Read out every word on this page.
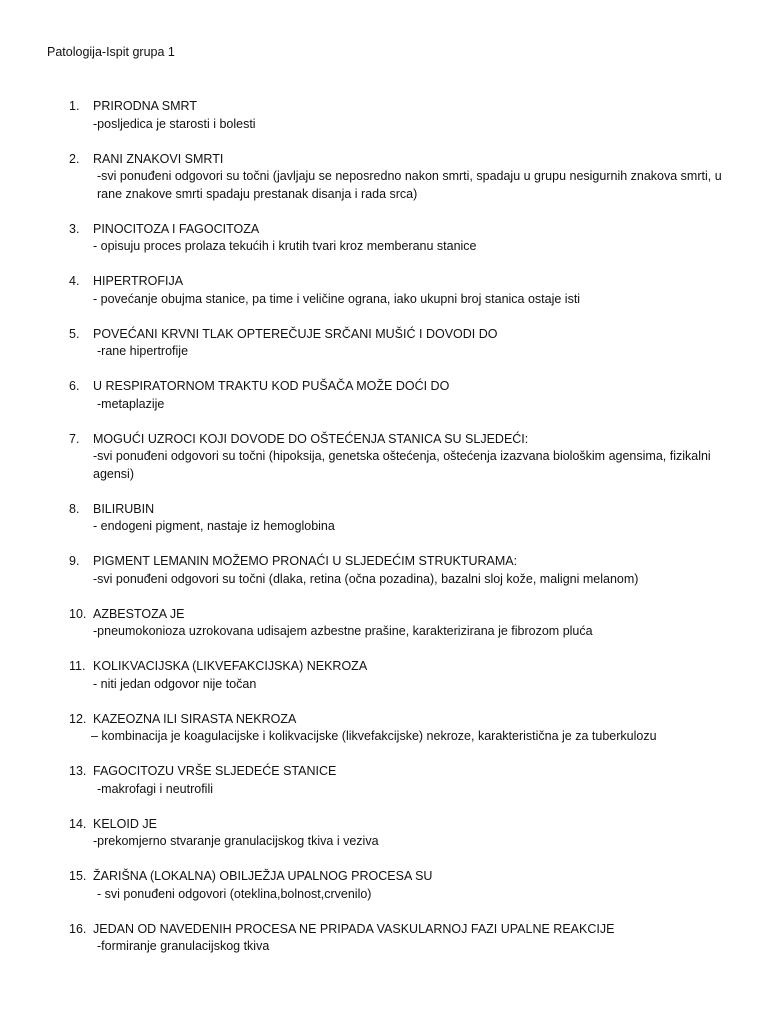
Patologija-Ispit grupa 1
1. PRIRODNA SMRT
-posljedica je starosti i bolesti
2. RANI ZNAKOVI SMRTI
-svi ponuđeni odgovori su točni (javljaju se neposredno nakon smrti, spadaju u grupu nesigurnih znakova smrti, u rane znakove smrti spadaju prestanak disanja i rada srca)
3. PINOCITOZA I FAGOCITOZA
- opisuju proces prolaza tekućih i krutih tvari kroz memberanu stanice
4. HIPERTROFIJA
- povećanje obujma stanice, pa time i veličine ograna, iako ukupni broj stanica ostaje isti
5. POVEĆANI KRVNI TLAK OPTEREČUJE SRČANI MUŠIĆ I DOVODI DO
-rane hipertrofije
6. U RESPIRATORNOM TRAKTU KOD PUŠAČA MOŽE DOĆI DO
-metaplazije
7. MOGUĆI UZROCI KOJI DOVODE DO OŠTEĆENJA STANICA SU SLJEDEĆI:
-svi ponuđeni odgovori su točni (hipoksija, genetska oštećenja, oštećenja izazvana biološkim agensima, fizikalni agensi)
8. BILIRUBIN
- endogeni pigment, nastaje iz hemoglobina
9. PIGMENT LEMANIN MOŽEMO PRONAĆI U SLJEDEĆIM STRUKTURAMA:
-svi ponuđeni odgovori su točni (dlaka, retina (očna pozadina), bazalni sloj kože, maligni melanom)
10. AZBESTOZA JE
-pneumokonioza uzrokovana udisajem azbestne prašine, karakterizirana je fibrozom pluća
11. KOLIKVACIJSKA (LIKVEFAKCIJSKA) NEKROZA
- niti jedan odgovor nije točan
12. KAZEOZNA ILI SIRASTA NEKROZA
– kombinacija je koagulacijske i kolikvacijske (likvefakcijske) nekroze, karakteristična je za tuberkulozu
13. FAGOCITOZU VRŠE SLJEDEĆE STANICE
-makrofagi i neutrofili
14. KELOID JE
-prekomjerno stvaranje granulacijskog tkiva i veziva
15. ŽARIŠNA (LOKALNA) OBILJEŽJA UPALNOG PROCESA SU
- svi ponuđeni odgovori (oteklina,bolnost,crvenilo)
16. JEDAN OD NAVEDENIH PROCESA NE PRIPADA VASKULARNOJ FAZI UPALNE REAKCIJE
-formiranje granulacijskog tkiva
